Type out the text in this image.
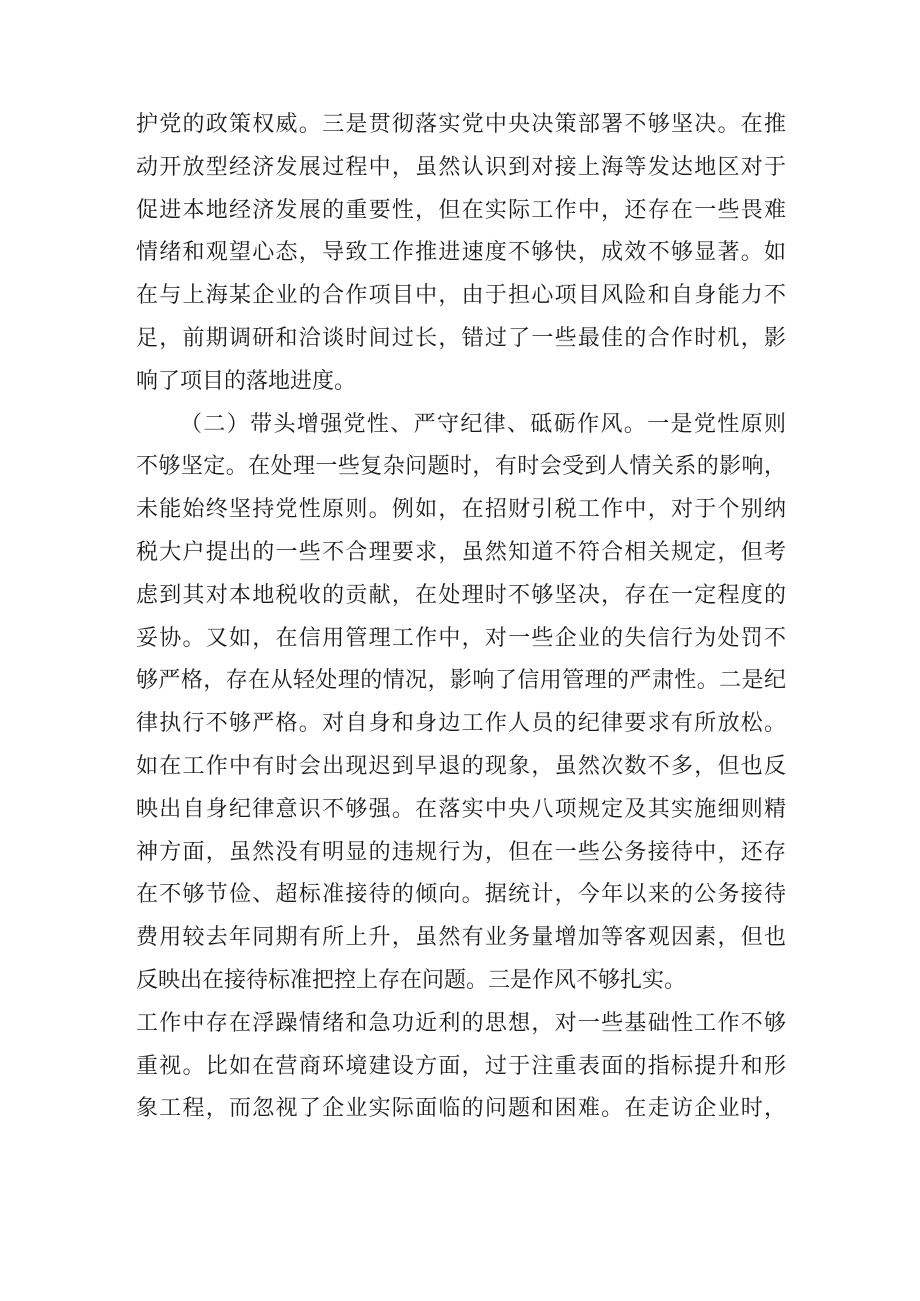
护党的政策权威。三是贯彻落实党中央决策部署不够坚决。在推
动开放型经济发展过程中，虽然认识到对接上海等发达地区对于
促进本地经济发展的重要性，但在实际工作中，还存在一些畏难
情绪和观望心态，导致工作推进速度不够快，成效不够显著。如
在与上海某企业的合作项目中，由于担心项目风险和自身能力不
足，前期调研和洽谈时间过长，错过了一些最佳的合作时机，影
响了项目的落地进度。
（二）带头增强党性、严守纪律、砥砺作风。一是党性原则
不够坚定。在处理一些复杂问题时，有时会受到人情关系的影响，
未能始终坚持党性原则。例如，在招财引税工作中，对于个别纳
税大户提出的一些不合理要求，虽然知道不符合相关规定，但考
虑到其对本地税收的贡献，在处理时不够坚决，存在一定程度的
妥协。又如，在信用管理工作中，对一些企业的失信行为处罚不
够严格，存在从轻处理的情况，影响了信用管理的严肃性。二是纪
律执行不够严格。对自身和身边工作人员的纪律要求有所放松。
如在工作中有时会出现迟到早退的现象，虽然次数不多，但也反
映出自身纪律意识不够强。在落实中央八项规定及其实施细则精
神方面，虽然没有明显的违规行为，但在一些公务接待中，还存
在不够节俭、超标准接待的倾向。据统计，今年以来的公务接待
费用较去年同期有所上升，虽然有业务量增加等客观因素，但也
反映出在接待标准把控上存在问题。三是作风不够扎实。
工作中存在浮躁情绪和急功近利的思想，对一些基础性工作不够
重视。比如在营商环境建设方面，过于注重表面的指标提升和形
象工程，而忽视了企业实际面临的问题和困难。在走访企业时，
